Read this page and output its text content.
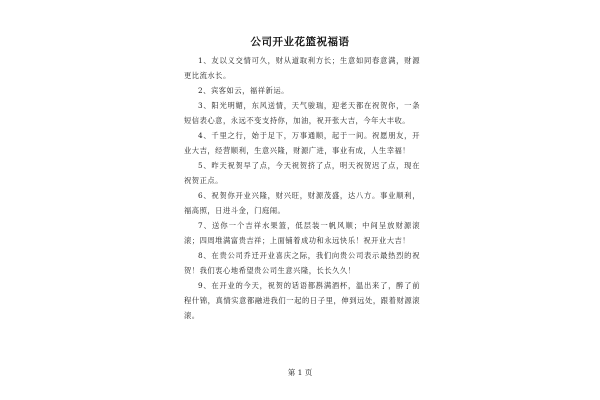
公司开业花篮祝福语

1、友以义交情可久，财从道取利方长；生意如同春意满，财源更比流水长。

2、宾客如云，福祥新运。

3、阳光明媚，东风送情，天气骏瑞，迎老天都在祝贺你，一条短信表心意，永远不变支持你，加油，祝开张大吉，今年大丰收。

4、千里之行，始于足下，万事通顺，起于一间。祝愿朋友，开业大吉，经营顺利，生意兴隆，财源广进，事业有成，人生幸福！

5、昨天祝贺早了点，今天祝贺挤了点，明天祝贺迟了点，现在祝贺正点。

6、祝贺你开业兴隆，财兴旺，财源茂盛，达八方。事业顺利，福高照，日进斗金，门庭闹。

7、送你一个吉祥水果篮，低层装一帆风顺；中间呈放财源滚滚；四周堆满富贵吉祥；上面铺着成功和永远快乐！祝开业大吉！

8、在贵公司乔迁开业喜庆之际，我们向贵公司表示最热烈的祝贺！我们衷心地希望贵公司生意兴隆，长长久久！

9、在开业的今天，祝贺的话语都斟满酒杯，温出来了，醉了前程什锦，真情实意都融进我们一起的日子里，伸到远处，跟着财源滚滚。

第 1 页
